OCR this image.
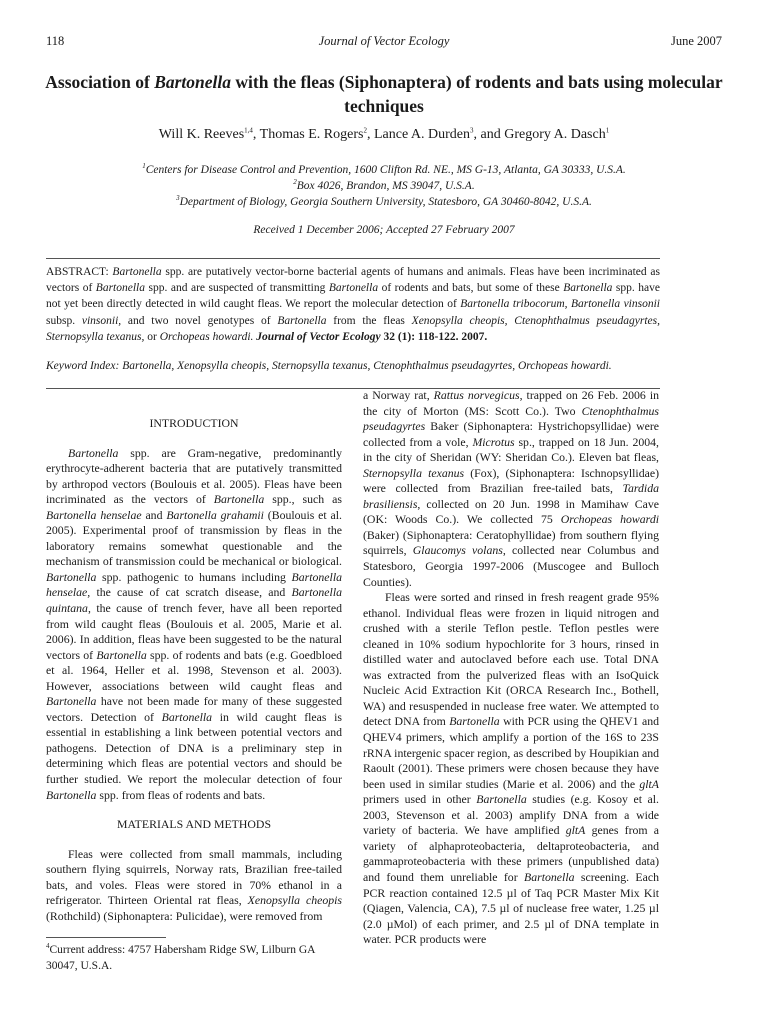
118	Journal of Vector Ecology	June 2007
Association of Bartonella with the fleas (Siphonaptera) of rodents and bats using molecular techniques
Will K. Reeves$^{1,4}$, Thomas E. Rogers$^2$, Lance A. Durden$^3$, and Gregory A. Dasch$^1$
$^1$Centers for Disease Control and Prevention, 1600 Clifton Rd. NE., MS G-13, Atlanta, GA 30333, U.S.A.
$^2$Box 4026, Brandon, MS 39047, U.S.A.
$^3$Department of Biology, Georgia Southern University, Statesboro, GA 30460-8042, U.S.A.
Received 1 December 2006; Accepted 27 February 2007
ABSTRACT: Bartonella spp. are putatively vector-borne bacterial agents of humans and animals. Fleas have been incriminated as vectors of Bartonella spp. and are suspected of transmitting Bartonella of rodents and bats, but some of these Bartonella spp. have not yet been directly detected in wild caught fleas. We report the molecular detection of Bartonella tribocorum, Bartonella vinsonii subsp. vinsonii, and two novel genotypes of Bartonella from the fleas Xenopsylla cheopis, Ctenophthalmus pseudagyrtes, Sternopsylla texanus, or Orchopeas howardi. Journal of Vector Ecology 32 (1): 118-122. 2007.
Keyword Index: Bartonella, Xenopsylla cheopis, Sternopsylla texanus, Ctenophthalmus pseudagyrtes, Orchopeas howardi.

INTRODUCTION

Bartonella spp. are Gram-negative, predominantly erythrocyte-adherent bacteria that are putatively transmitted by arthropod vectors (Boulouis et al. 2005). Fleas have been incriminated as the vectors of Bartonella spp., such as Bartonella henselae and Bartonella grahamii (Boulouis et al. 2005). Experimental proof of transmission by fleas in the laboratory remains somewhat questionable and the mechanism of transmission could be mechanical or biological. Bartonella spp. pathogenic to humans including Bartonella henselae, the cause of cat scratch disease, and Bartonella quintana, the cause of trench fever, have all been reported from wild caught fleas (Boulouis et al. 2005, Marie et al. 2006). In addition, fleas have been suggested to be the natural vectors of Bartonella spp. of rodents and bats (e.g. Goedbloed et al. 1964, Heller et al. 1998, Stevenson et al. 2003). However, associations between wild caught fleas and Bartonella have not been made for many of these suggested vectors. Detection of Bartonella in wild caught fleas is essential in establishing a link between potential vectors and pathogens. Detection of DNA is a preliminary step in determining which fleas are potential vectors and should be further studied. We report the molecular detection of four Bartonella spp. from fleas of rodents and bats.

MATERIALS AND METHODS

Fleas were collected from small mammals, including southern flying squirrels, Norway rats, Brazilian free-tailed bats, and voles. Fleas were stored in 70% ethanol in a refrigerator. Thirteen Oriental rat fleas, Xenopsylla cheopis (Rothchild) (Siphonaptera: Pulicidae), were removed from

$^4$Current address: 4757 Habersham Ridge SW, Lilburn GA 30047, U.S.A.

a Norway rat, Rattus norvegicus, trapped on 26 Feb. 2006 in the city of Morton (MS: Scott Co.). Two Ctenophthalmus pseudagyrtes Baker (Siphonaptera: Hystrichopsyllidae) were collected from a vole, Microtus sp., trapped on 18 Jun. 2004, in the city of Sheridan (WY: Sheridan Co.). Eleven bat fleas, Sternopsylla texanus (Fox), (Siphonaptera: Ischnopsyllidae) were collected from Brazilian free-tailed bats, Tardida brasiliensis, collected on 20 Jun. 1998 in Mamihaw Cave (OK: Woods Co.). We collected 75 Orchopeas howardi (Baker) (Siphonaptera: Ceratophyllidae) from southern flying squirrels, Glaucomys volans, collected near Columbus and Statesboro, Georgia 1997-2006 (Muscogee and Bulloch Counties).

Fleas were sorted and rinsed in fresh reagent grade 95% ethanol. Individual fleas were frozen in liquid nitrogen and crushed with a sterile Teflon pestle. Teflon pestles were cleaned in 10% sodium hypochlorite for 3 hours, rinsed in distilled water and autoclaved before each use. Total DNA was extracted from the pulverized fleas with an IsoQuick Nucleic Acid Extraction Kit (ORCA Research Inc., Bothell, WA) and resuspended in nuclease free water. We attempted to detect DNA from Bartonella with PCR using the QHEV1 and QHEV4 primers, which amplify a portion of the 16S to 23S rRNA intergenic spacer region, as described by Houpikian and Raoult (2001). These primers were chosen because they have been used in similar studies (Marie et al. 2006) and the gltA primers used in other Bartonella studies (e.g. Kosoy et al. 2003, Stevenson et al. 2003) amplify DNA from a wide variety of bacteria. We have amplified gltA genes from a variety of alphaproteobacteria, deltaproteobacteria, and gammaproteobacteria with these primers (unpublished data) and found them unreliable for Bartonella screening. Each PCR reaction contained 12.5 µl of Taq PCR Master Mix Kit (Qiagen, Valencia, CA), 7.5 µl of nuclease free water, 1.25 µl (2.0 µMol) of each primer, and 2.5 µl of DNA template in water. PCR products were
